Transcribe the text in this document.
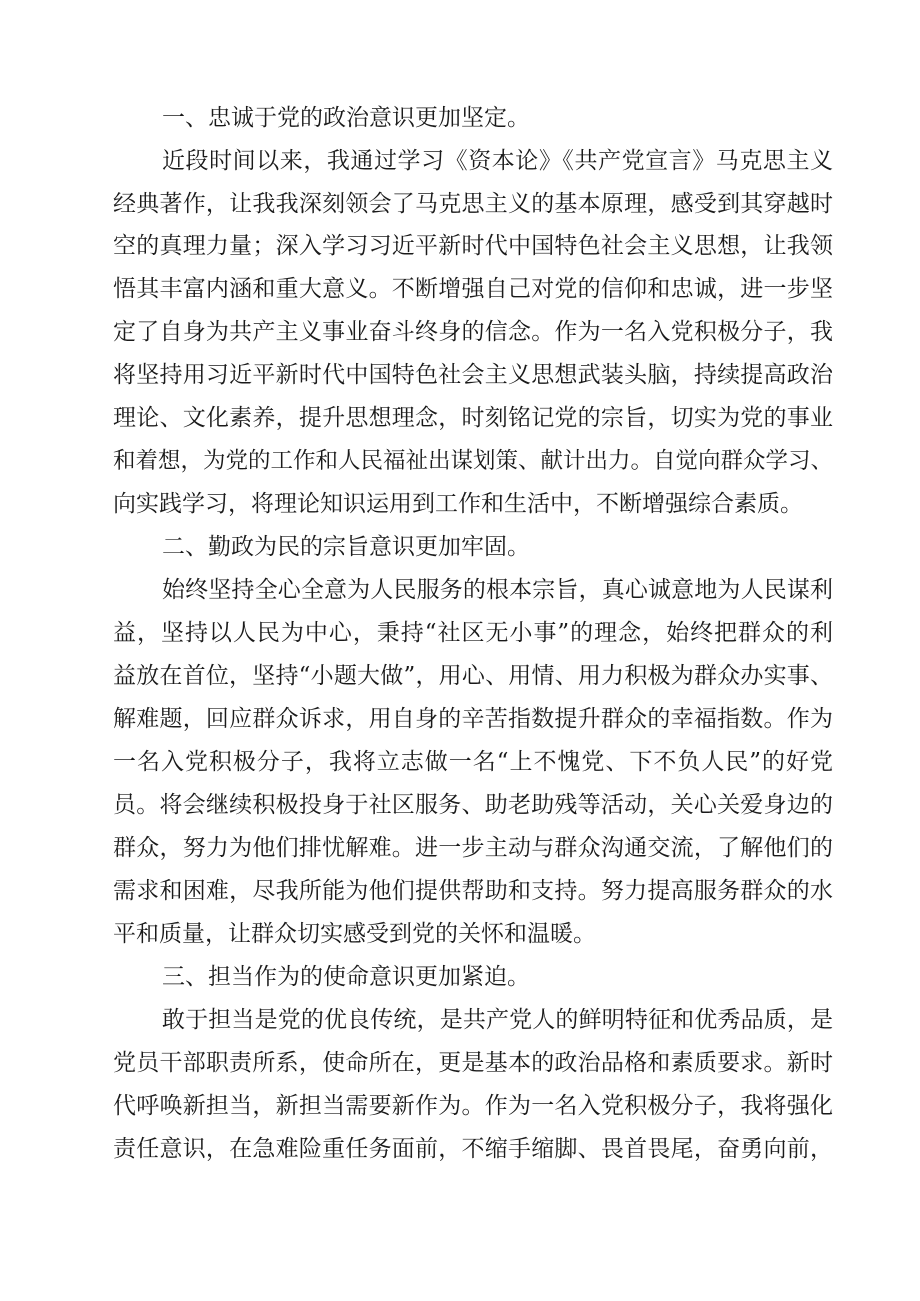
一、忠诚于党的政治意识更加坚定。
近段时间以来，我通过学习《资本论》《共产党宣言》马克思主义
经典著作，让我我深刻领会了马克思主义的基本原理，感受到其穿越时
空的真理力量；深入学习习近平新时代中国特色社会主义思想，让我领
悟其丰富内涵和重大意义。不断增强自己对党的信仰和忠诚，进一步坚
定了自身为共产主义事业奋斗终身的信念。作为一名入党积极分子，我
将坚持用习近平新时代中国特色社会主义思想武装头脑，持续提高政治
理论、文化素养，提升思想理念，时刻铭记党的宗旨，切实为党的事业
和着想，为党的工作和人民福祉出谋划策、献计出力。自觉向群众学习、
向实践学习，将理论知识运用到工作和生活中，不断增强综合素质。
二、勤政为民的宗旨意识更加牢固。
始终坚持全心全意为人民服务的根本宗旨，真心诚意地为人民谋利
益，坚持以人民为中心，秉持“社区无小事”的理念，始终把群众的利
益放在首位，坚持“小题大做”，用心、用情、用力积极为群众办实事、
解难题，回应群众诉求，用自身的辛苦指数提升群众的幸福指数。作为
一名入党积极分子，我将立志做一名“上不愧党、下不负人民”的好党
员。将会继续积极投身于社区服务、助老助残等活动，关心关爱身边的
群众，努力为他们排忧解难。进一步主动与群众沟通交流，了解他们的
需求和困难，尽我所能为他们提供帮助和支持。努力提高服务群众的水
平和质量，让群众切实感受到党的关怀和温暖。
三、担当作为的使命意识更加紧迫。
敢于担当是党的优良传统，是共产党人的鲜明特征和优秀品质，是
党员干部职责所系，使命所在，更是基本的政治品格和素质要求。新时
代呼唤新担当，新担当需要新作为。作为一名入党积极分子，我将强化
责任意识，在急难险重任务面前，不缩手缩脚、畏首畏尾，奋勇向前，
